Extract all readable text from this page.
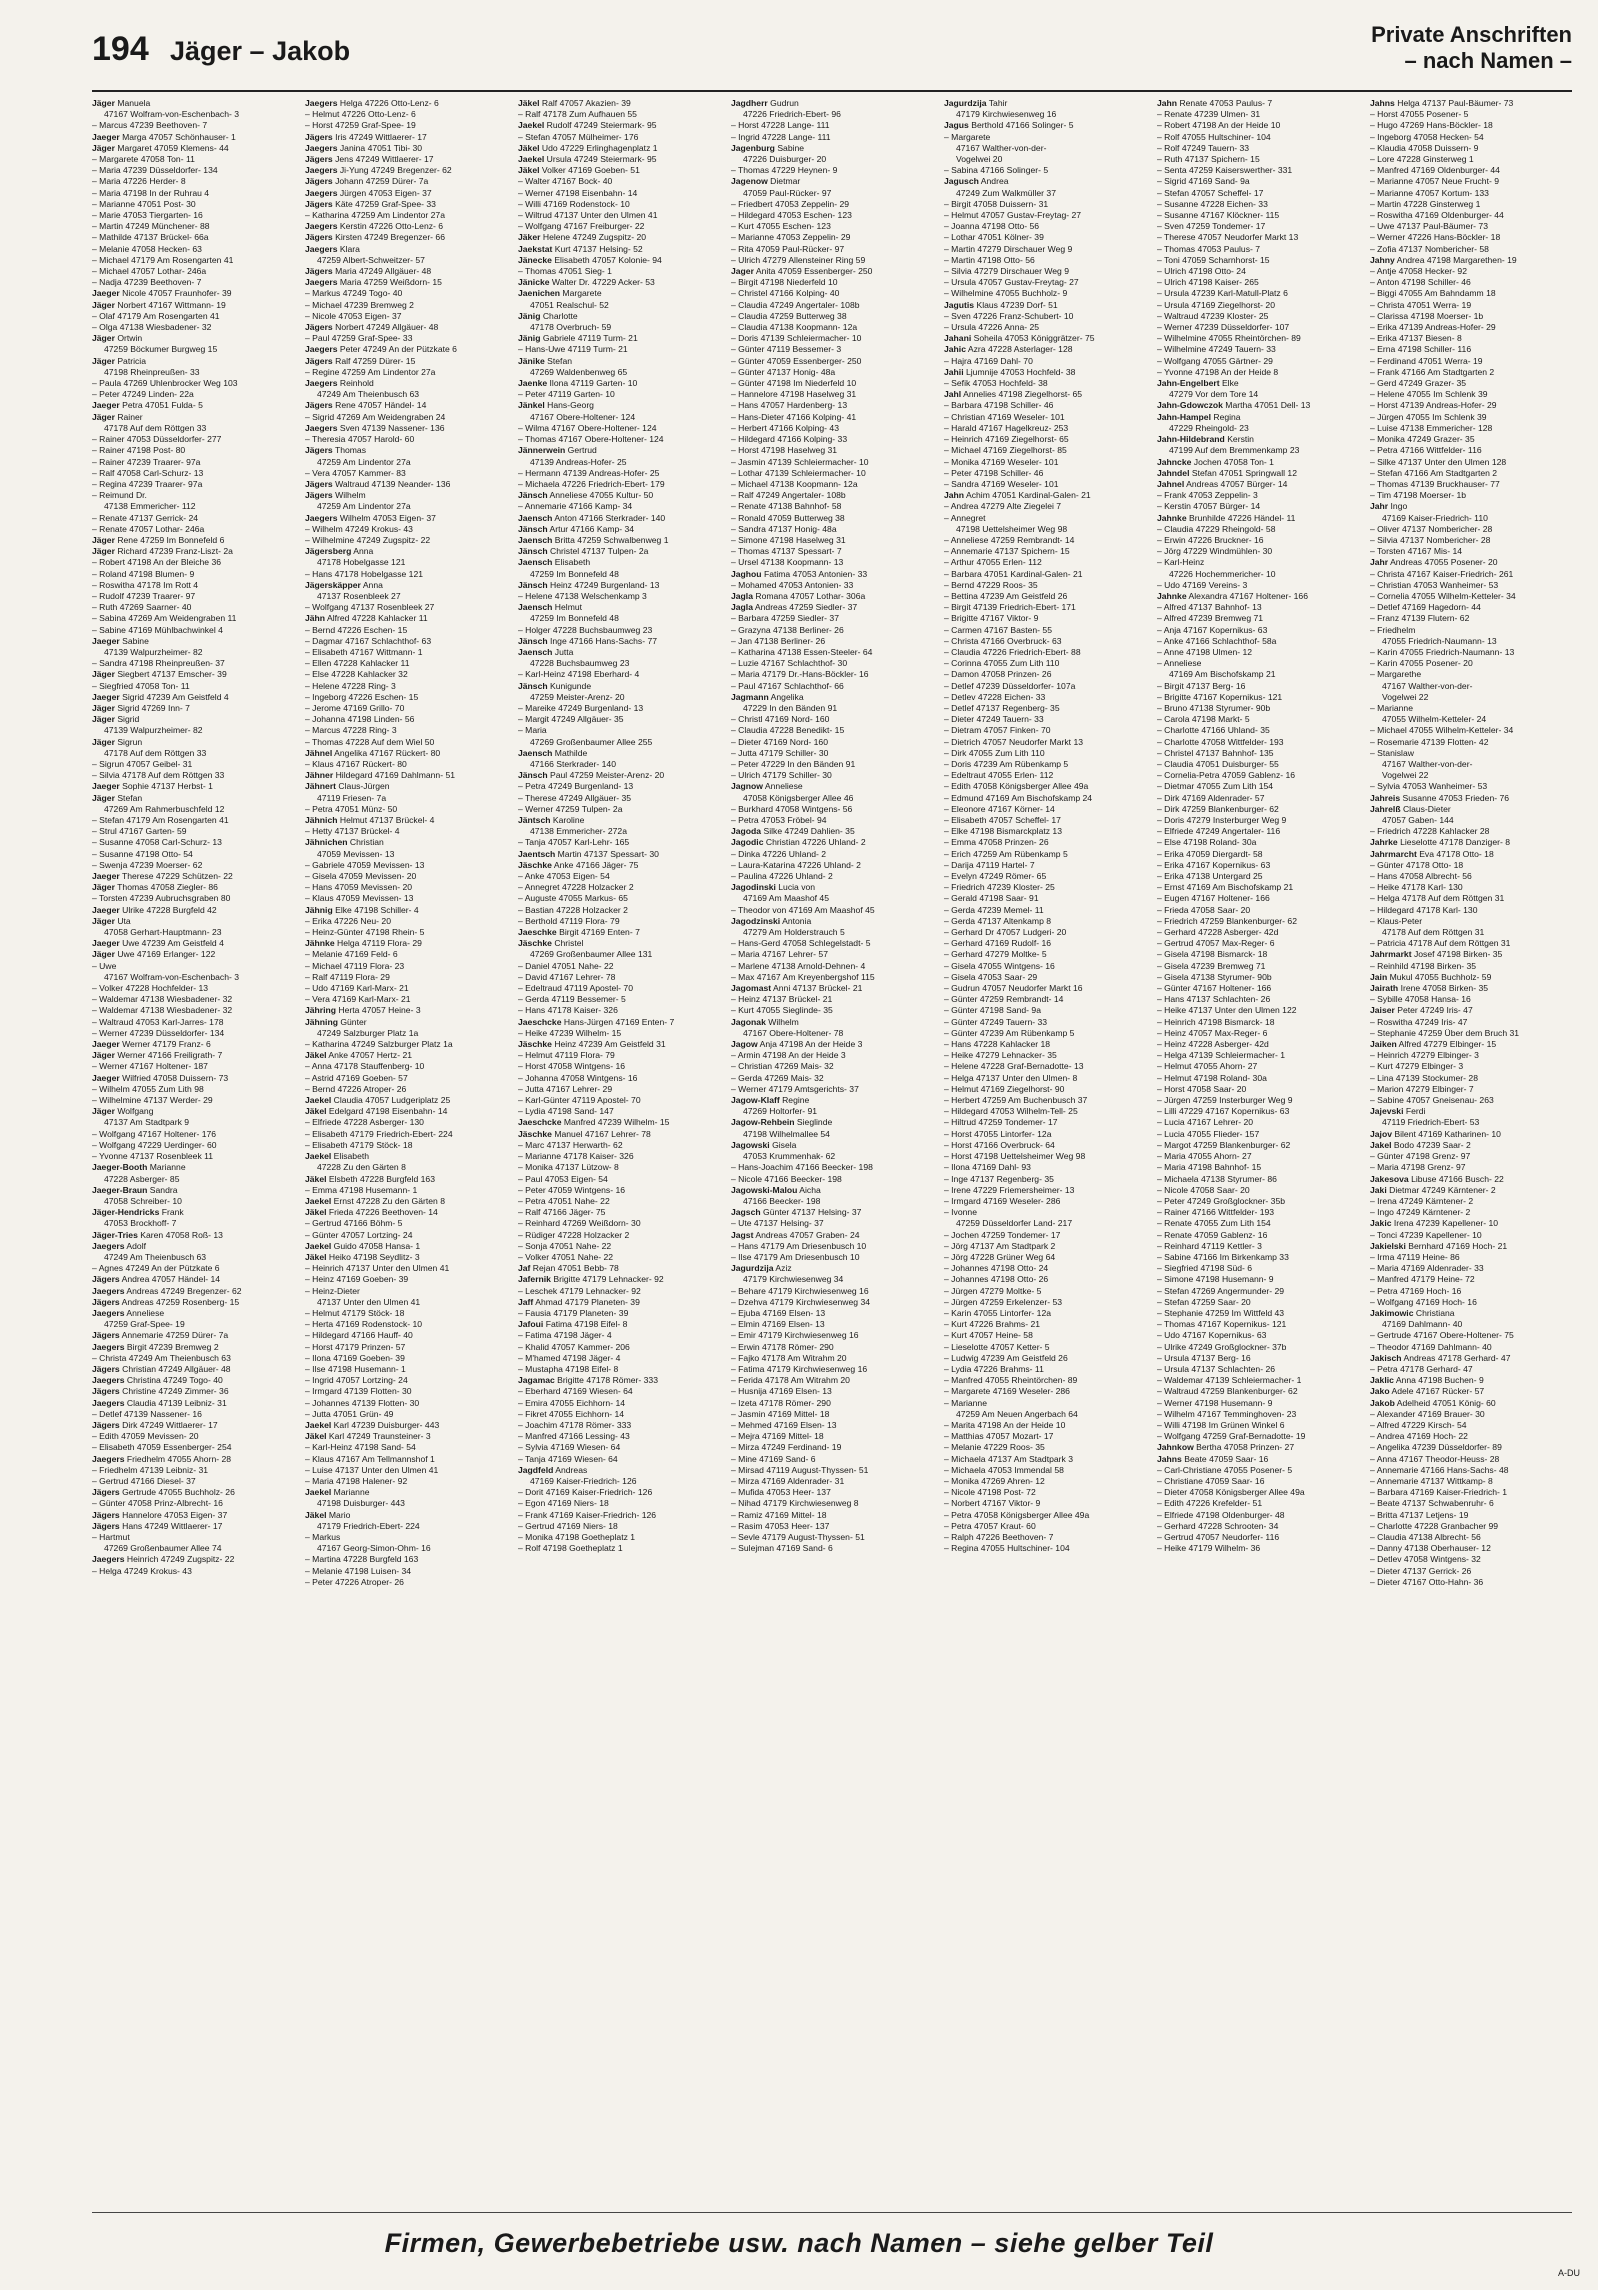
194 Jäger – Jakob
Private Anschriften
– nach Namen –
Jäger Manuela
47167 Wolfram-von-Eschenbach- 3
– Marcus 47239 Beethoven- 7
Jaeger Marga 47057 Schönhauser- 1
Jäger Margaret 47059 Klemens- 44
– Margarete 47058 Ton- 11
– Maria 47239 Düsseldorfer- 134
– Maria 47226 Herder- 8
– Maria 47198 In der Ruhrau 4
– Marianne 47051 Post- 30
– Marie 47053 Tiergarten- 16
– Martin 47249 Münchener- 88
– Mathilde 47137 Brückel- 66a
– Melanie 47058 Hecken- 63
– Michael 47179 Am Rosengarten 41
– Michael 47057 Lothar- 246a
– Nadja 47239 Beethoven- 7
Jaeger Nicole 47057 Fraunhofer- 39
Jäger Norbert 47167 Wittmann- 19
– Olaf 47179 Am Rosengarten 41
– Olga 47138 Wiesbadener- 32
Jäger Ortwin
47259 Böckumer Burgweg 15
Jäger Patricia
47198 Rheinpreußen- 33
– Paula 47269 Uhlenbrocker Weg 103
– Peter 47249 Linden- 22a
Jaeger Petra 47051 Fulda- 5
Jäger Rainer
47178 Auf dem Röttgen 33
– Rainer 47053 Düsseldorfer- 277
– Rainer 47198 Post- 80
– Rainer 47239 Traarer- 97a
– Ralf 47058 Carl-Schurz- 13
– Regina 47239 Traarer- 97a
– Reimund Dr.
47138 Emmericher- 112
– Renate 47137 Gerrick- 24
– Renate 47057 Lothar- 246a
Jäger Rene 47259 Im Bonnefeld 6
Jäger Richard 47239 Franz-Liszt- 2a
– Robert 47198 An der Bleiche 36
– Roland 47198 Blumen- 9
– Roswitha 47178 Im Rott 4
– Rudolf 47239 Traarer- 97
– Ruth 47269 Saarner- 40
– Sabina 47269 Am Weidengraben 11
– Sabine 47169 Mühlbachwinkel 4
Jaeger Sabine
47139 Walpurzheimer- 82
– Sandra 47198 Rheinpreußen- 37
Jäger Siegbert 47137 Emscher- 39
– Siegfried 47058 Ton- 11
Jaeger Sigrid 47239 Am Geistfeld 4
Jäger Sigrid 47269 Inn- 7
Jäger Sigrid
47139 Walpurzheimer- 82
Jäger Sigrun
47178 Auf dem Röttgen 33
– Sigrun 47057 Geibel- 31
– Silvia 47178 Auf dem Röttgen 33
Jaeger Sophie 47137 Herbst- 1
Jäger Stefan
47269 Am Rahmerbuschfeld 12
– Stefan 47179 Am Rosengarten 41
– Strul 47167 Garten- 59
– Susanne 47058 Carl-Schurz- 13
– Susanne 47198 Otto- 54
– Swenja 47239 Moerser- 62
Jaeger Therese 47229 Schützen- 22
Jäger Thomas 47058 Ziegler- 86
– Torsten 47239 Aubruchsgraben 80
Jaeger Ulrike 47228 Burgfeld 42
Jäger Uta
47058 Gerhart-Hauptmann- 23
Jaeger Uwe 47239 Am Geistfeld 4
Jäger Uwe 47169 Erlanger- 122
– Uwe
47167 Wolfram-von-Eschenbach- 3
– Volker 47228 Hochfelder- 13
– Waldemar 47138 Wiesbadener- 32
– Waldemar 47138 Wiesbadener- 32
– Waltraud 47053 Karl-Jarres- 178
– Werner 47239 Düsseldorfer- 134
Jaeger Werner 47179 Franz- 6
Jäger Werner 47166 Freiligrath- 7
– Werner 47167 Holtener- 187
Jaeger Wilfried 47058 Duissern- 73
– Wilhelm 47055 Zum Lith 98
– Wilhelmine 47137 Werder- 29
Jäger Wolfgang
47137 Am Stadtpark 9
– Wolfgang 47167 Holtener- 176
– Wolfgang 47229 Uerdinger- 60
– Yvonne 47137 Rosenbleek 11
Jaeger-Booth Marianne
47228 Asberger- 85
Jaeger-Braun Sandra
47058 Schreiber- 10
Jäger-Hendricks Frank
47053 Brockhoff- 7
Jäger-Tries Karen 47058 Roß- 13
Jaegers Adolf
47249 Am Theienbusch 63
– Agnes 47249 An der Pützkate 6
Jägers Andrea 47057 Händel- 14
Jaegers Andreas 47249 Bregenzer- 62
Jägers Andreas 47259 Rosenberg- 15
Jaegers Anneliese
47259 Graf-Spee- 19
Jägers Annemarie 47259 Dürer- 7a
Jaegers Birgit 47239 Bremweg 2
– Christa 47249 Am Theienbusch 63
Jägers Christian 47249 Allgäuer- 48
Jaegers Christina 47249 Togo- 40
Jägers Christine 47249 Zimmer- 36
Jaegers Claudia 47139 Leibniz- 31
– Detlef 47139 Nassener- 16
Jägers Dirk 47249 Wittlaerer- 17
– Edith 47059 Mevissen- 20
– Elisabeth 47059 Essenberger- 254
Jaegers Friedhelm 47055 Ahorn- 28
– Friedhelm 47139 Leibniz- 31
– Gertrud 47166 Diesel- 37
Jägers Gertrude 47055 Buchholz- 26
– Günter 47058 Prinz-Albrecht- 16
Jägers Hannelore 47053 Eigen- 37
Jägers Hans 47249 Wittlaerer- 17
– Hartmut
47269 Großenbaumer Allee 74
Jaegers Heinrich 47249 Zugspitz- 22
– Helga 47249 Krokus- 43
Jaegers Helga 47226 Otto-Lenz- 6
– Helmut 47226 Otto-Lenz- 6
– Horst 47259 Graf-Spee- 19
Jägers Iris 47249 Wittlaerer- 17
Jaegers Janina 47051 Tibi- 30
Jägers Jens 47249 Wittlaerer- 17
Jaegers Ji-Yung 47249 Bregenzer- 62
Jägers Johann 47259 Dürer- 7a
Jaegers Jürgen 47053 Eigen- 37
Jägers Käte 47259 Graf-Spee- 33
– Katharina 47259 Am Lindentor 27a
Jaegers Kerstin 47226 Otto-Lenz- 6
Jägers Kirsten 47249 Bregenzer- 66
Jaegers Klara
47259 Albert-Schweitzer- 57
Jägers Maria 47249 Allgäuer- 48
Jaegers Maria 47259 Weißdorn- 15
– Markus 47249 Togo- 40
– Michael 47239 Bremweg 2
– Nicole 47053 Eigen- 37
Jägers Norbert 47249 Allgäuer- 48
– Paul 47259 Graf-Spee- 33
Jaegers Peter 47249 An der Pützkate 6
Jägers Ralf 47259 Dürer- 15
– Regine 47259 Am Lindentor 27a
Jaegers Reinhold
47249 Am Theienbusch 63
Jägers Rene 47057 Händel- 14
– Sigrid 47269 Am Weidengraben 24
Jaegers Sven 47139 Nassener- 136
– Theresia 47057 Harold- 60
Jägers Thomas
47259 Am Lindentor 27a
– Vera 47057 Kammer- 83
Jägers Waltraud 47139 Neander- 136
Jägers Wilhelm
47259 Am Lindentor 27a
Jaegers Wilhelm 47053 Eigen- 37
– Wilhelm 47249 Krokus- 43
– Wilhelmine 47249 Zugspitz- 22
Jägersberg Anna
47178 Hobelgasse 121
– Hans 47178 Hobelgasse 121
Jägerskäpper Anna
47137 Rosenbleek 27
– Wolfgang 47137 Rosenbleek 27
Jähn Alfred 47228 Kahlacker 11
– Bernd 47226 Eschen- 15
– Dagmar 47167 Schlachthof- 63
– Elisabeth 47167 Wittmann- 1
– Ellen 47228 Kahlacker 11
– Else 47228 Kahlacker 32
– Helene 47228 Ring- 3
– Ingeborg 47226 Eschen- 15
– Jerome 47169 Grillo- 70
– Johanna 47198 Linden- 56
– Marcus 47228 Ring- 3
– Thomas 47228 Auf dem Wiel 50
Jähnel Angelika 47167 Rückert- 80
– Klaus 47167 Rückert- 80
Jähner Hildegard 47169 Dahlmann- 51
Jähnert Claus-Jürgen
47119 Friesen- 7a
– Petra 47051 Münz- 50
Jähnich Helmut 47137 Brückel- 4
– Hetty 47137 Brückel- 4
Jähnichen Christian
47059 Mevissen- 13
– Gabriele 47059 Mevissen- 13
– Gisela 47059 Mevissen- 20
– Hans 47059 Mevissen- 20
– Klaus 47059 Mevissen- 13
Jähnig Elke 47198 Schiller- 4
– Erika 47226 Neu- 20
– Heinz-Günter 47198 Rhein- 5
Jähnke Helga 47119 Flora- 29
– Melanie 47169 Feld- 6
– Michael 47119 Flora- 23
– Ralf 47119 Flora- 29
– Udo 47169 Karl-Marx- 21
– Vera 47169 Karl-Marx- 21
Jähring Herta 47057 Heine- 3
Jähning Günter
47249 Salzburger Platz 1a
– Katharina 47249 Salzburger Platz 1a
Jäkel Anke 47057 Hertz- 21
– Anna 47178 Stauffenberg- 10
– Astrid 47169 Goeben- 57
– Bernd 47226 Atroper- 26
Jaekel Claudia 47057 Ludgeriplatz 25
Jäkel Edelgard 47198 Eisenbahn- 14
– Elfriede 47228 Asberger- 130
– Elisabeth 47179 Friedrich-Ebert- 224
– Elisabeth 47179 Stöck- 18
Jaekel Elisabeth
47228 Zu den Gärten 8
Jäkel Elsbeth 47228 Burgfeld 163
– Emma 47198 Husemann- 1
Jaekel Ernst 47228 Zu den Gärten 8
Jäkel Frieda 47226 Beethoven- 14
– Gertrud 47166 Böhm- 5
– Günter 47057 Lortzing- 24
Jaekel Guido 47058 Hansa- 1
Jäkel Heiko 47198 Seydlitz- 3
– Heinrich 47137 Unter den Ulmen 41
– Heinz 47169 Goeben- 39
– Heinz-Dieter
47137 Unter den Ulmen 41
– Helmut 47179 Stöck- 18
– Herta 47169 Rodenstock- 10
– Hildegard 47166 Hauff- 40
– Horst 47179 Prinzen- 57
– Ilona 47169 Goeben- 39
– Ilse 47198 Husemann- 1
– Ingrid 47057 Lortzing- 24
– Irmgard 47139 Flotten- 30
– Johannes 47139 Flotten- 30
– Jutta 47051 Grün- 49
Jaekel Karl 47239 Duisburger- 443
Jäkel Karl 47249 Traunsteiner- 3
– Karl-Heinz 47198 Sand- 54
– Klaus 47167 Am Tellmannshof 1
– Luise 47137 Unter den Ulmen 41
– Maria 47198 Halener- 92
Jaekel Marianne
47198 Duisburger- 443
Jäkel Mario
47179 Friedrich-Ebert- 224
– Markus
47167 Georg-Simon-Ohm- 16
– Martina 47228 Burgfeld 163
– Melanie 47198 Luisen- 34
– Peter 47226 Atroper- 26
Jäkel Ralf 47057 Akazien- 39
– Ralf 47178 Zum Aufhauen 55
Jaekel Rudolf 47249 Steiermark- 95
– Stefan 47057 Mülheimer- 176
Jäkel Udo 47229 Erlinghagenplatz 1
Jaekel Ursula 47249 Steiermark- 95
Jäkel Volker 47169 Goeben- 51
– Walter 47167 Bock- 40
– Werner 47198 Eisenbahn- 14
– Willi 47169 Rodenstock- 10
– Wiltrud 47137 Unter den Ulmen 41
– Wolfgang 47167 Freiburger- 22
Jäker Helene 47249 Zugspitz- 20
Jaekstat Kurt 47137 Helsing- 52
Jänecke Elisabeth 47057 Kolonie- 94
– Thomas 47051 Sieg- 1
Jänicke Walter Dr. 47229 Acker- 53
Jaenichen Margarete
47051 Realschul- 52
Jänig Charlotte
47178 Overbruch- 59
Jänig Gabriele 47119 Turm- 21
– Hans-Uwe 47119 Turm- 21
Jänike Stefan
47269 Waldenbenweg 65
Jaenke Ilona 47119 Garten- 10
– Peter 47119 Garten- 10
Jänkel Hans-Georg
47167 Obere-Holtener- 124
– Wilma 47167 Obere-Holtener- 124
– Thomas 47167 Obere-Holtener- 124
Jännerwein Gertrud
47139 Andreas-Hofer- 25
– Hermann 47139 Andreas-Hofer- 25
– Michaela 47226 Friedrich-Ebert- 179
Jänsch Anneliese 47055 Kultur- 50
– Annemarie 47166 Kamp- 34
Jaensch Anton 47166 Sterkrader- 140
Jänsch Artur 47166 Kamp- 34
Jaensch Britta 47259 Schwalbenweg 1
Jänsch Christel 47137 Tulpen- 2a
Jaensch Elisabeth
47259 Im Bonnefeld 48
Jänsch Heinz 47249 Burgenland- 13
– Helene 47138 Welschenkamp 3
Jaensch Helmut
47259 Im Bonnefeld 48
– Holger 47228 Buchsbaumweg 23
Jänsch Inge 47166 Hans-Sachs- 77
Jaensch Jutta
47228 Buchsbaumweg 23
– Karl-Heinz 47198 Eberhard- 4
Jänsch Kunigunde
47259 Meister-Arenz- 20
– Mareike 47249 Burgenland- 13
– Margit 47249 Allgäuer- 35
– Maria
47269 Großenbaumer Allee 255
Jaensch Mathilde
47166 Sterkrader- 140
Jänsch Paul 47259 Meister-Arenz- 20
– Petra 47249 Burgenland- 13
– Therese 47249 Allgäuer- 35
– Werner 47259 Tulpen- 2a
Jäntsch Karoline
47138 Emmericher- 272a
– Tanja 47057 Karl-Lehr- 165
Jaentsch Martin 47137 Spessart- 30
Jäschke Anke 47166 Jäger- 75
– Anke 47053 Eigen- 54
– Annegret 47228 Holzacker 2
– Auguste 47055 Markus- 65
– Bastian 47228 Holzacker 2
– Berthold 47119 Flora- 79
Jaeschke Birgit 47169 Enten- 7
Jäschke Christel
47269 Großenbaumer Allee 131
– Daniel 47051 Nahe- 22
– David 47167 Lehrer- 78
– Edeltraud 47119 Apostel- 70
– Gerda 47119 Bessemer- 5
– Hans 47178 Kaiser- 326
Jaeschcke Hans-Jürgen 47169 Enten- 7
– Heike 47239 Wilhelm- 15
Jäschke Heinz 47239 Am Geistfeld 31
– Helmut 47119 Flora- 79
– Horst 47058 Wintgens- 16
– Johanna 47058 Wintgens- 16
– Jutta 47167 Lehrer- 29
– Karl-Günter 47119 Apostel- 70
– Lydia 47198 Sand- 147
Jaeschcke Manfred 47239 Wilhelm- 15
Jäschke Manuel 47167 Lehrer- 78
– Marc 47137 Herwarth- 62
– Marianne 47178 Kaiser- 326
– Monika 47137 Lützow- 8
– Paul 47053 Eigen- 54
– Peter 47059 Wintgens- 16
– Petra 47051 Nahe- 22
– Ralf 47166 Jäger- 75
– Reinhard 47269 Weißdorn- 30
– Rüdiger 47228 Holzacker 2
– Sonja 47051 Nahe- 22
– Volker 47051 Nahe- 22
Jaf Rejan 47051 Bebb- 78
Jafernik Brigitte 47179 Lehnacker- 92
– Leschek 47179 Lehnacker- 92
Jaff Ahmad 47179 Planeten- 39
– Fausia 47179 Planeten- 39
Jafoui Fatima 47198 Eifel- 8
– Fatima 47198 Jäger- 4
– Khalid 47057 Kammer- 206
– M'hamed 47198 Jäger- 4
– Mustapha 47198 Eifel- 8
Jagamac Brigitte 47178 Römer- 333
– Eberhard 47169 Wiesen- 64
– Emira 47055 Eichhorn- 14
– Fikret 47055 Eichhorn- 14
– Joachim 47178 Römer- 333
– Manfred 47166 Lessing- 43
– Sylvia 47169 Wiesen- 64
– Tanja 47169 Wiesen- 64
Jagdfeld Andreas
47169 Kaiser-Friedrich- 126
– Dorit 47169 Kaiser-Friedrich- 126
– Egon 47169 Niers- 18
– Frank 47169 Kaiser-Friedrich- 126
– Gertrud 47169 Niers- 18
– Monika 47198 Goetheplatz 1
– Rolf 47198 Goetheplatz 1
Jagdherr Gudrun
47226 Friedrich-Ebert- 96
– Horst 47228 Lange- 111
– Ingrid 47228 Lange- 111
Jagenburg Sabine
47226 Duisburger- 20
– Thomas 47229 Heynen- 9
Jagenow Dietmar
47059 Paul-Rücker- 97
– Friedbert 47053 Zeppelin- 29
– Hildegard 47053 Eschen- 123
– Kurt 47055 Eschen- 123
– Marianne 47053 Zeppelin- 29
– Rita 47059 Paul-Rücker- 97
– Ulrich 47279 Allensteiner Ring 59
Jager Anita 47059 Essenberger- 250
– Birgit 47198 Niederfeld 10
– Christel 47166 Kolping- 40
– Claudia 47249 Angertaler- 108b
– Claudia 47259 Butterweg 38
– Claudia 47138 Koopmann- 12a
– Doris 47139 Schleiermacher- 10
– Günter 47119 Bessemer- 3
– Günter 47059 Essenberger- 250
– Günter 47137 Honig- 48a
– Günter 47198 Im Niederfeld 10
– Hannelore 47198 Haselweg 31
– Hans 47057 Hardenberg- 13
– Hans-Dieter 47166 Kolping- 41
– Herbert 47166 Kolping- 43
– Hildegard 47166 Kolping- 33
– Horst 47198 Haselweg 31
– Jasmin 47139 Schleiermacher- 10
– Lothar 47139 Schleiermacher- 10
– Michael 47138 Koopmann- 12a
– Ralf 47249 Angertaler- 108b
– Renate 47138 Bahnhof- 58
– Ronald 47059 Butterweg 38
– Sandra 47137 Honig- 48a
– Simone 47198 Haselweg 31
– Thomas 47137 Spessart- 7
– Ursel 47138 Koopmann- 13
Jaghou Fatima 47053 Antonien- 33
– Mohamed 47053 Antonien- 33
Jagla Romana 47057 Lothar- 306a
Jagla Andreas 47259 Siedler- 37
– Barbara 47259 Siedler- 37
– Grazyna 47138 Berliner- 26
– Jan 47138 Berliner- 26
– Katharina 47138 Essen-Steeler- 64
– Luzie 47167 Schlachthof- 30
– Maria 47179 Dr.-Hans-Böckler- 16
– Paul 47167 Schlachthof- 66
Jagmann Angelika
47229 In den Bänden 91
– Christl 47169 Nord- 160
– Claudia 47228 Benedikt- 15
– Dieter 47169 Nord- 160
– Jutta 47179 Schiller- 30
– Peter 47229 In den Bänden 91
– Ulrich 47179 Schiller- 30
Jagnow Anneliese
47058 Königsberger Allee 46
– Burkhard 47058 Wintgens- 56
– Petra 47053 Fröbel- 94
Jagoda Silke 47249 Dahlien- 35
Jagodic Christian 47226 Uhland- 2
– Dinka 47226 Uhland- 2
– Laura-Katarina 47226 Uhland- 2
– Paulina 47226 Uhland- 2
Jagodinski Lucia von
47169 Am Maashof 45
– Theodor von 47169 Am Maashof 45
Jagodzinski Antonia
47279 Am Holderstrauch 5
– Hans-Gerd 47058 Schlegelstadt- 5
– Maria 47167 Lehrer- 57
– Marlene 47138 Arnold-Dehnen- 4
– Max 47167 Am Kreyenbergshof 115
Jagomast Anni 47137 Brückel- 21
– Heinz 47137 Brückel- 21
– Kurt 47055 Sieglinde- 35
Jagonak Wilhelm
47167 Obere-Holtener- 78
Jagow Anja 47198 An der Heide 3
– Armin 47198 An der Heide 3
– Christian 47269 Mais- 32
– Gerda 47269 Mais- 32
– Werner 47179 Amtsgerichts- 37
Jagow-Klaff Regine
47269 Holtorfer- 91
Jagow-Rehbein Sieglinde
47198 Wilhelmallee 54
Jagowski Gisela
47053 Krummenhak- 62
– Hans-Joachim 47166 Beecker- 198
– Nicole 47166 Beecker- 198
Jagowski-Malou Aicha
47166 Beecker- 198
Jagsch Günter 47137 Helsing- 37
– Ute 47137 Helsing- 37
Jagst Andreas 47057 Graben- 24
– Hans 47179 Am Driesenbusch 10
– Ilse 47179 Am Driesenbusch 10
Jagurdzija Aziz
47179 Kirchwiesenweg 34
– Behare 47179 Kirchwiesenweg 16
– Dzehva 47179 Kirchwiesenweg 34
– Ejuba 47169 Elsen- 13
– Elmin 47169 Elsen- 13
– Emir 47179 Kirchwiesenweg 16
– Erwin 47178 Römer- 290
– Fajko 47178 Am Witrahm 20
– Fatima 47179 Kirchwiesenweg 16
– Ferida 47178 Am Witrahm 20
– Husnija 47169 Elsen- 13
– Izeta 47178 Römer- 290
– Jasmin 47169 Mittel- 18
– Mehmed 47169 Elsen- 13
– Mejra 47169 Mittel- 18
– Mirza 47249 Ferdinand- 19
– Mine 47169 Sand- 6
– Mirsad 47119 August-Thyssen- 51
– Mirza 47169 Aldenrader- 31
– Mufida 47053 Heer- 137
– Nihad 47179 Kirchwiesenweg 8
– Ramiz 47169 Mittel- 18
– Rasim 47053 Heer- 137
– Sevle 47179 August-Thyssen- 51
– Sulejman 47169 Sand- 6
Jagurdzija Tahir
47179 Kirchwiesenweg 16
Jagus Berthold 47166 Solinger- 5
– Margarete
47167 Walther-von-der-
Vogelwei 20
– Sabina 47166 Solinger- 5
Jagusch Andrea
47249 Zum Walkmüller 37
– Birgit 47058 Duissern- 31
– Helmut 47057 Gustav-Freytag- 27
– Joanna 47198 Otto- 56
– Lothar 47051 Kölner- 39
– Martin 47279 Dirschauer Weg 9
– Martin 47198 Otto- 56
– Silvia 47279 Dirschauer Weg 9
– Ursula 47057 Gustav-Freytag- 27
– Wilhelmine 47055 Buchholz- 9
Jagutis Klaus 47239 Dorf- 51
– Sven 47226 Franz-Schubert- 10
– Ursula 47226 Anna- 25
Jahani Soheila 47053 Königgrätzer- 75
Jahic Azra 47228 Asterlager- 128
– Hajra 47169 Dahl- 70
Jahii Ljumnije 47053 Hochfeld- 38
– Sefik 47053 Hochfeld- 38
Jahl Annelies 47198 Ziegelhorst- 65
– Barbara 47198 Schiller- 46
– Christian 47169 Weseler- 101
– Harald 47167 Hagelkreuz- 253
– Heinrich 47169 Ziegelhorst- 65
– Michael 47169 Ziegelhorst- 85
– Monika 47169 Weseler- 101
– Peter 47198 Schiller- 46
– Sandra 47169 Weseler- 101
Jahn Achim 47051 Kardinal-Galen- 21
– Andrea 47279 Alte Ziegelei 7
– Annegret
47198 Uettelsheimer Weg 98
– Anneliese 47259 Rembrandt- 14
– Annemarie 47137 Spichern- 15
– Arthur 47055 Erlen- 112
– Barbara 47051 Kardinal-Galen- 21
– Bernd 47229 Roos- 35
– Bettina 47239 Am Geistfeld 26
– Birgit 47139 Friedrich-Ebert- 171
– Brigitte 47167 Viktor- 9
– Carmen 47167 Basten- 55
– Christa 47166 Overbruck- 63
– Claudia 47226 Friedrich-Ebert- 88
– Corinna 47055 Zum Lith 110
– Damon 47058 Prinzen- 26
– Detlef 47239 Düsseldorfer- 107a
– Detlev 47228 Eichen- 33
– Detlef 47137 Regenberg- 35
– Dieter 47249 Tauern- 33
– Dietram 47057 Finken- 70
– Dietrich 47057 Neudorfer Markt 13
– Dirk 47055 Zum Lith 110
– Doris 47239 Am Rübenkamp 5
– Edeltraut 47055 Erlen- 112
– Edith 47058 Königsberger Allee 49a
– Edmund 47169 Am Bischofskamp 24
– Eleonore 47167 Körner- 14
– Elisabeth 47057 Scheffel- 17
– Elke 47198 Bismarckplatz 13
– Emma 47058 Prinzen- 26
– Erich 47259 Am Rübenkamp 5
– Darija 47119 Hartel- 7
– Evelyn 47249 Römer- 65
– Friedrich 47239 Kloster- 25
– Gerald 47198 Saar- 91
– Gerda 47239 Memel- 11
– Gerda 47137 Altenkamp 8
– Gerhard Dr 47057 Ludgeri- 20
– Gerhard 47169 Rudolf- 16
– Gerhard 47279 Moltke- 5
– Gisela 47055 Wintgens- 16
– Gisela 47053 Saar- 29
– Gudrun 47057 Neudorfer Markt 16
– Günter 47259 Rembrandt- 14
– Günter 47198 Sand- 9a
– Günter 47249 Tauern- 33
– Günter 47239 Am Rübenkamp 5
– Hans 47228 Kahlacker 18
– Heike 47279 Lehnacker- 35
– Helene 47228 Graf-Bernadotte- 13
– Helga 47137 Unter den Ulmen- 8
– Helmut 47169 Ziegelhorst- 90
– Herbert 47259 Am Buchenbusch 37
– Hildegard 47053 Wilhelm-Tell- 25
– Hiltrud 47259 Tondemer- 17
– Horst 47055 Lintorfer- 12a
– Horst 47166 Overbruck- 64
– Horst 47198 Uettelsheimer Weg 98
– Ilona 47169 Dahl- 93
– Inge 47137 Regenberg- 35
– Irene 47229 Friemersheimer- 13
– Irmgard 47169 Weseler- 286
– Ivonne
47259 Düsseldorfer Land- 217
– Jochen 47259 Tondemer- 17
– Jörg 47137 Am Stadtpark 2
– Jörg 47228 Grüner Weg 64
– Johannes 47198 Otto- 24
– Johannes 47198 Otto- 26
– Jürgen 47279 Moltke- 5
– Jürgen 47259 Erkelenzer- 53
– Karin 47055 Lintorfer- 12a
– Kurt 47226 Brahms- 21
– Kurt 47057 Heine- 58
– Lieselotte 47057 Ketter- 5
– Ludwig 47239 Am Geistfeld 26
– Lydia 47226 Brahms- 11
– Manfred 47055 Rheintörchen- 89
– Margarete 47169 Weseler- 286
– Marianne
47259 Am Neuen Angerbach 64
– Marita 47198 An der Heide 10
– Matthias 47057 Mozart- 17
– Melanie 47229 Roos- 35
– Michaela 47137 Am Stadtpark 3
– Michaela 47053 Immendal 58
– Monika 47269 Ahren- 12
– Nicole 47198 Post- 72
– Norbert 47167 Viktor- 9
– Petra 47058 Königsberger Allee 49a
– Petra 47057 Kraut- 60
– Ralph 47226 Beethoven- 7
– Regina 47055 Hultschiner- 104
Jahn Renate 47053 Paulus- 7
– Renate 47239 Ulmen- 31
– Robert 47198 An der Heide 10
– Rolf 47055 Hultschiner- 104
– Rolf 47249 Tauern- 33
– Ruth 47137 Spichern- 15
– Senta 47259 Kaiserswerther- 331
– Sigrid 47169 Sand- 9a
– Stefan 47057 Scheffel- 17
– Susanne 47228 Eichen- 33
– Susanne 47167 Klöckner- 115
– Sven 47259 Tondemer- 17
– Therese 47057 Neudorfer Markt 13
– Thomas 47053 Paulus- 7
– Toni 47059 Scharnhorst- 15
– Ulrich 47198 Otto- 24
– Ulrich 47198 Kaiser- 265
– Ursula 47239 Karl-Matull-Platz 6
– Ursula 47169 Ziegelhorst- 20
– Waltraud 47239 Kloster- 25
– Werner 47239 Düsseldorfer- 107
– Wilhelmine 47055 Rheintörchen- 89
– Wilhelmine 47249 Tauern- 33
– Wolfgang 47055 Gärtner- 29
– Yvonne 47198 An der Heide 8
Jahn-Engelbert Elke
47279 Vor dem Tore 14
Jahn-Gdowczok Martha 47051 Dell- 13
Jahn-Hampel Regina
47229 Rheingold- 23
Jahn-Hildebrand Kerstin
47199 Auf dem Bremmenkamp 23
Jahncke Jochen 47058 Ton- 1
Jahndel Stefan 47051 Springwall 12
Jahnel Andreas 47057 Bürger- 14
– Frank 47053 Zeppelin- 3
– Kerstin 47057 Bürger- 14
Jahnke Brunhilde 47226 Händel- 11
– Claudia 47229 Rheingold- 58
– Erwin 47226 Bruckner- 16
– Jörg 47229 Windmühlen- 30
– Karl-Heinz
47226 Hochemmericher- 10
– Udo 47169 Vereins- 3
Jahnke Alexandra 47167 Holtener- 166
– Alfred 47137 Bahnhof- 13
– Alfred 47239 Bremweg 71
– Anja 47167 Kopernikus- 63
– Anke 47166 Schlachthof- 58a
– Anne 47198 Ulmen- 12
– Anneliese
47169 Am Bischofskamp 21
– Birgit 47137 Berg- 16
– Brigitte 47167 Kopernikus- 121
– Bruno 47138 Styrumer- 90b
– Carola 47198 Markt- 5
– Charlotte 47166 Uhland- 35
– Charlotte 47058 Wittfelder- 193
– Christel 47137 Bahnhof- 135
– Claudia 47051 Duisburger- 55
– Cornelia-Petra 47059 Gablenz- 16
– Dietmar 47055 Zum Lith 154
– Dirk 47169 Aldenrader- 57
– Dirk 47259 Blankenburger- 62
– Doris 47279 Insterburger Weg 9
– Elfriede 47249 Angertaler- 116
– Else 47198 Roland- 30a
– Erika 47059 Diergardt- 58
– Erika 47167 Kopernikus- 63
– Erika 47138 Untergard 25
– Ernst 47169 Am Bischofskamp 21
– Eugen 47167 Holtener- 166
– Frieda 47058 Saar- 20
– Friedrich 47259 Blankenburger- 62
– Gerhard 47228 Asberger- 42d
– Gertrud 47057 Max-Reger- 6
– Gisela 47198 Bismarck- 18
– Gisela 47239 Bremweg 71
– Gisela 47138 Styrumer- 90b
– Günter 47167 Holtener- 166
– Hans 47137 Schlachten- 26
– Heike 47137 Unter den Ulmen 122
– Heinrich 47198 Bismarck- 18
– Heinz 47057 Max-Reger- 6
– Heinz 47228 Asberger- 42d
– Helga 47139 Schleiermacher- 1
– Helmut 47055 Ahorn- 27
– Helmut 47198 Roland- 30a
– Horst 47058 Saar- 20
– Jürgen 47259 Insterburger Weg 9
– Lilli 47229 47167 Kopernikus- 63
– Lucia 47167 Lehrer- 20
– Lucia 47055 Flieder- 157
– Margot 47259 Blankenburger- 62
– Maria 47055 Ahorn- 27
– Maria 47198 Bahnhof- 15
– Michaela 47138 Styrumer- 86
– Nicole 47058 Saar- 20
– Peter 47249 Großglockner- 35b
– Rainer 47166 Wittfelder- 193
– Renate 47055 Zum Lith 154
– Renate 47059 Gablenz- 16
– Reinhard 47119 Kettler- 3
– Sabine 47166 Im Birkenkamp 33
– Siegfried 47198 Süd- 6
– Simone 47198 Husemann- 9
– Stefan 47269 Angermunder- 29
– Stefan 47259 Saar- 20
– Stephanie 47259 Im Wittfeld 43
– Thomas 47167 Kopernikus- 121
– Udo 47167 Kopernikus- 63
– Ulrike 47249 Großglockner- 37b
– Ursula 47137 Berg- 16
– Ursula 47137 Schlachten- 26
– Waldemar 47139 Schleiermacher- 1
– Waltraud 47259 Blankenburger- 62
– Werner 47198 Husemann- 9
– Wilhelm 47167 Temminghoven- 23
– Willi 47198 Im Grünen Winkel 6
– Wolfgang 47259 Graf-Bernadotte- 19
Jahnkow Bertha 47058 Prinzen- 27
Jahns Beate 47059 Saar- 16
– Carl-Christiane 47055 Posener- 5
– Christiane 47059 Saar- 16
– Dieter 47058 Königsberger Allee 49a
– Edith 47226 Krefelder- 51
– Elfriede 47198 Oldenburger- 48
– Gerhard 47228 Schrooten- 34
– Gertrud 47057 Neudorfer- 116
– Heike 47179 Wilhelm- 36
Jahns Helga 47137 Paul-Bäumer- 73
– Horst 47055 Posener- 5
– Hugo 47269 Hans-Böckler- 18
– Ingeborg 47058 Hecken- 54
– Klaudia 47058 Duissern- 9
– Lore 47228 Ginsterweg 1
– Manfred 47169 Oldenburger- 44
– Marianne 47057 Neue Frucht- 9
– Marianne 47057 Kortum- 133
– Martin 47228 Ginsterweg 1
– Roswitha 47169 Oldenburger- 44
– Uwe 47137 Paul-Bäumer- 73
– Werner 47226 Hans-Böckler- 18
– Zofia 47137 Nombericher- 58
Jahny Andrea 47198 Margarethen- 19
– Antje 47058 Hecker- 92
– Anton 47198 Schiller- 46
– Biggi 47055 Am Bahndamm 18
– Christa 47051 Werra- 19
– Clarissa 47198 Moerser- 1b
– Erika 47139 Andreas-Hofer- 29
– Erika 47137 Biesen- 8
– Erna 47198 Schiller- 116
– Ferdinand 47051 Werra- 19
– Frank 47166 Am Stadtgarten 2
– Gerd 47249 Grazer- 35
– Helene 47055 Im Schlenk 39
– Horst 47139 Andreas-Hofer- 29
– Jürgen 47055 Im Schlenk 39
– Luise 47138 Emmericher- 128
– Monika 47249 Grazer- 35
– Petra 47166 Wittfelder- 116
– Silke 47137 Unter den Ulmen 128
– Stefan 47166 Am Stadtgarten 2
– Thomas 47139 Bruckhauser- 77
– Tim 47198 Moerser- 1b
Jahr Ingo
47169 Kaiser-Friedrich- 110
– Oliver 47137 Nombericher- 28
– Silvia 47137 Nombericher- 28
– Torsten 47167 Mis- 14
Jahr Andreas 47055 Posener- 20
– Christa 47167 Kaiser-Friedrich- 261
– Christian 47053 Wanheimer- 53
– Cornelia 47055 Wilhelm-Ketteler- 34
– Detlef 47169 Hagedorn- 44
– Franz 47139 Flutern- 62
– Friedhelm
47055 Friedrich-Naumann- 13
– Karin 47055 Friedrich-Naumann- 13
– Karin 47055 Posener- 20
– Margarethe
47167 Walther-von-der-
Vogelwei 22
– Marianne
47055 Wilhelm-Ketteler- 24
– Michael 47055 Wilhelm-Ketteler- 34
– Rosemarie 47139 Flotten- 42
– Stanislaw
47167 Walther-von-der-
Vogelwei 22
– Sylvia 47053 Wanheimer- 53
Jahreis Susanne 47053 Frieden- 76
Jahrelß Claus-Dieter
47057 Gaben- 144
– Friedrich 47228 Kahlacker 28
Jahrke Lieselotte 47178 Danziger- 8
Jahrmarcht Eva 47178 Otto- 18
– Günter 47178 Otto- 18
– Hans 47058 Albrecht- 56
– Heike 47178 Karl- 130
– Helga 47178 Auf dem Röttgen 31
– Hildegard 47178 Karl- 130
– Klaus-Peter
47178 Auf dem Röttgen 31
– Patricia 47178 Auf dem Röttgen 31
Jahrmarkt Josef 47198 Birken- 35
– Reinhild 47198 Birken- 35
Jain Mukul 47055 Buchholz- 59
Jairath Irene 47058 Birken- 35
– Sybille 47058 Hansa- 16
Jaiser Peter 47249 Iris- 47
– Roswitha 47249 Iris- 47
– Stephanie 47259 Über dem Bruch 31
Jaiken Alfred 47279 Elbinger- 15
– Heinrich 47279 Elbinger- 3
– Kurt 47279 Elbinger- 3
– Lina 47139 Stockumer- 28
– Marion 47279 Elbinger- 7
– Sabine 47057 Gneisenau- 263
Jajevski Ferdi
47119 Friedrich-Ebert- 53
Jajov Bilent 47169 Katharinen- 10
Jakel Bodo 47239 Saar- 2
– Günter 47198 Grenz- 97
– Maria 47198 Grenz- 97
Jakesova Libuse 47166 Busch- 22
Jaki Dietmar 47249 Kärntener- 2
– Irena 47249 Kärntener- 2
– Ingo 47249 Kärntener- 2
Jakic Irena 47239 Kapellener- 10
– Tonci 47239 Kapellener- 10
Jakielski Bernhard 47169 Hoch- 21
– Irma 47119 Heine- 86
– Maria 47169 Aldenrader- 33
– Manfred 47179 Heine- 72
– Petra 47169 Hoch- 16
– Wolfgang 47169 Hoch- 16
Jakimowic Christiana
47169 Dahlmann- 40
– Gertrude 47167 Obere-Holtener- 75
– Theodor 47169 Dahlmann- 40
Jakisch Andreas 47178 Gerhard- 47
– Petra 47178 Gerhard- 47
Jaklic Anna 47198 Buchen- 9
Jako Adele 47167 Rücker- 57
Jakob Adelheid 47051 König- 60
– Alexander 47169 Brauer- 30
– Alfred 47229 Kirsch- 54
– Andrea 47169 Hoch- 22
– Angelika 47239 Düsseldorfer- 89
– Anna 47167 Theodor-Heuss- 28
– Annemarie 47166 Hans-Sachs- 48
– Annemarie 47137 Wittkamp- 8
– Barbara 47169 Kaiser-Friedrich- 1
– Beate 47137 Schwabenruhr- 6
– Britta 47137 Letjens- 19
– Charlotte 47228 Granbacher 99
– Claudia 47138 Albrecht- 56
– Danny 47138 Oberhauser- 12
– Detlev 47058 Wintgens- 32
– Dieter 47137 Gerrick- 26
– Dieter 47167 Otto-Hahn- 36
Firmen, Gewerbebetriebe usw. nach Namen – siehe gelber Teil
A-DU
